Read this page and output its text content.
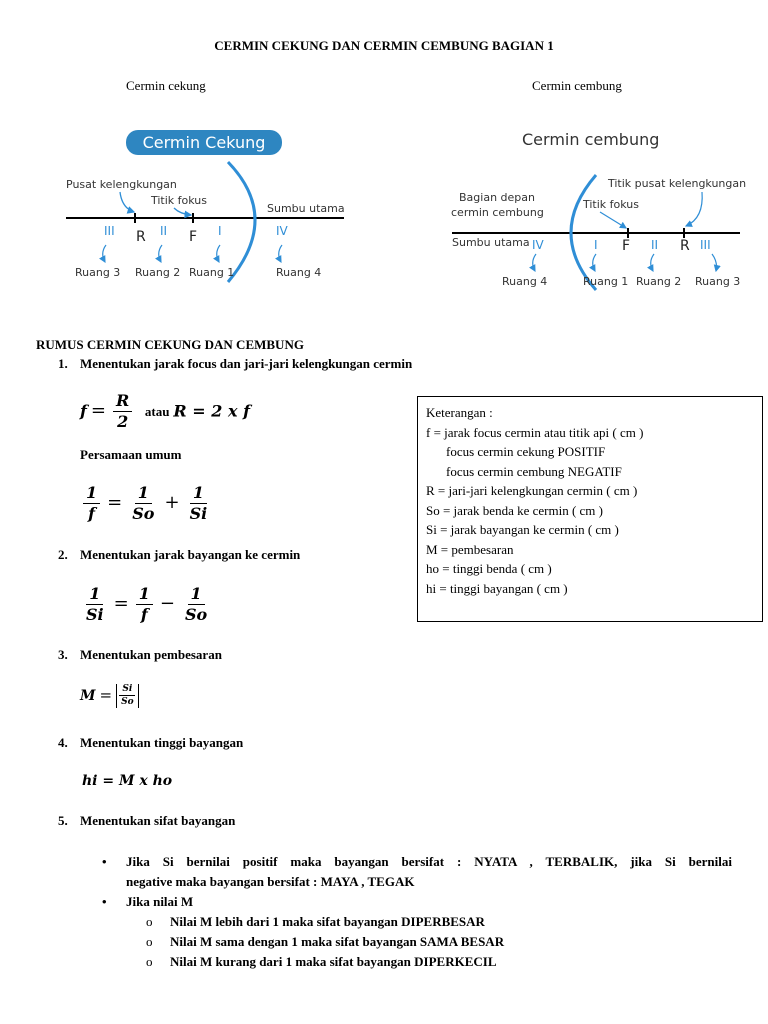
CERMIN CEKUNG DAN CERMIN CEMBUNG BAGIAN 1
Cermin cekung	Cermin cembung
Cermin Cekung
Pusat kelengkungan
Titik fokus
Sumbu utama
R	F
III	II	I	IV
Ruang 3 Ruang 2 Ruang 1	Ruang 4
Cermin cembung
Bagian depan
cermin cembung
Titik fokus
Titik pusat kelengkungan
Sumbu utama	F	R
IV	I	II	III
Ruang 4	Ruang 1 Ruang 2 Ruang 3
RUMUS CERMIN CEKUNG DAN CEMBUNG
1. Menentukan jarak focus dan jari-jari kelengkungan cermin
$f = \frac{R}{2}$ atau R = 2 x f
Persamaan umum
$\frac{1}{f} = \frac{1}{So} + \frac{1}{Si}$
2. Menentukan jarak bayangan ke cermin
$\frac{1}{Si} = \frac{1}{f} - \frac{1}{So}$
3. Menentukan pembesaran
$M = \frac{Si}{So}$
4. Menentukan tinggi bayangan
hi = M x ho
5. Menentukan sifat bayangan
• Jika Si bernilai positif maka bayangan bersifat : NYATA , TERBALIK, jika Si bernilai
negative maka bayangan bersifat : MAYA , TEGAK
• Jika nilai M
o Nilai M lebih dari 1 maka sifat bayangan DIPERBESAR
o Nilai M sama dengan 1 maka sifat bayangan SAMA BESAR
o Nilai M kurang dari 1 maka sifat bayangan DIPERKECIL
Keterangan :
f = jarak focus cermin atau titik api ( cm )
focus cermin cekung POSITIF
focus cermin cembung NEGATIF
R = jari-jari kelengkungan cermin ( cm )
So = jarak benda ke cermin ( cm )
Si = jarak bayangan ke cermin ( cm )
M = pembesaran
ho = tinggi benda ( cm )
hi = tinggi bayangan ( cm )
